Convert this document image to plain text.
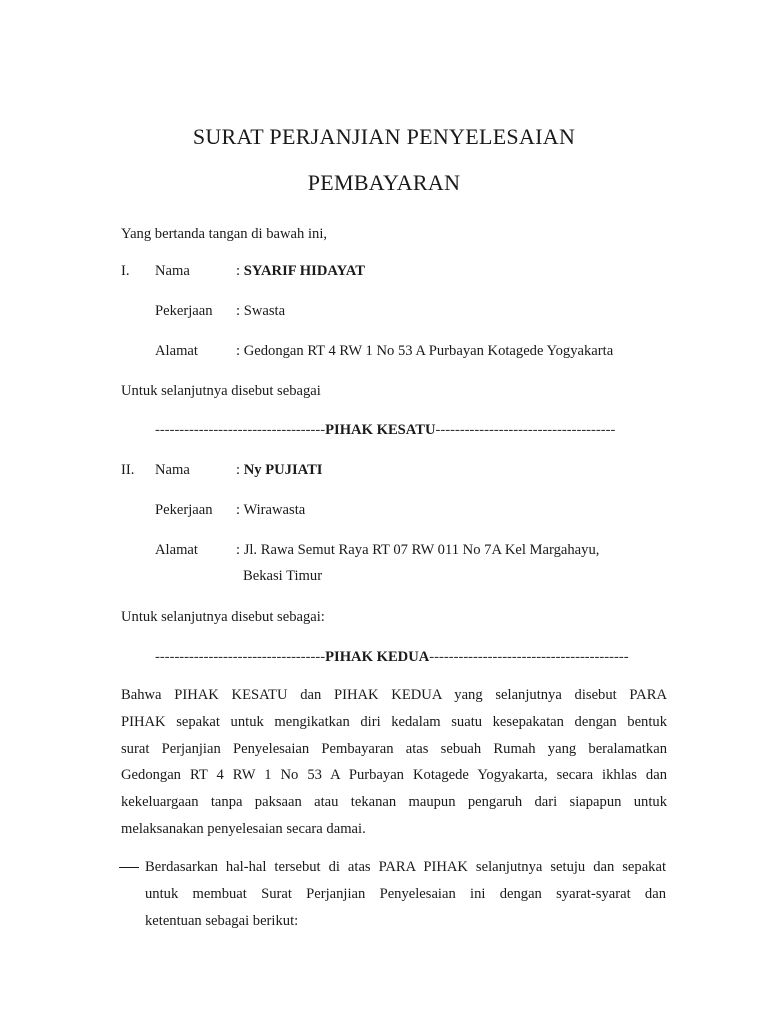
SURAT PERJANJIAN PENYELESAIAN
PEMBAYARAN
Yang bertanda tangan di bawah ini,
I. Nama	: SYARIF HIDAYAT
Pekerjaan : Swasta
Alamat	: Gedongan RT 4 RW 1 No 53 A Purbayan Kotagede Yogyakarta
Untuk selanjutnya disebut sebagai
-----------------------------------PIHAK KESATU-------------------------------------
II. Nama	: Ny PUJIATI
Pekerjaan : Wirawasta
Alamat	: Jl. Rawa Semut Raya RT 07 RW 011 No 7A Kel Margahayu,
Bekasi Timur
Untuk selanjutnya disebut sebagai:
-----------------------------------PIHAK KEDUA-----------------------------------------
Bahwa PIHAK KESATU dan PIHAK KEDUA yang selanjutnya disebut PARA
PIHAK sepakat untuk mengikatkan diri kedalam suatu kesepakatan dengan bentuk
surat Perjanjian Penyelesaian Pembayaran atas sebuah Rumah yang beralamatkan
Gedongan RT 4 RW 1 No 53 A Purbayan Kotagede Yogyakarta, secara ikhlas dan
kekeluargaan tanpa paksaan atau tekanan maupun pengaruh dari siapapun untuk
melaksanakan penyelesaian secara damai.
Berdasarkan hal-hal tersebut di atas PARA PIHAK selanjutnya setuju dan sepakat
untuk membuat Surat Perjanjian Penyelesaian ini dengan syarat-syarat dan
ketentuan sebagai berikut:
